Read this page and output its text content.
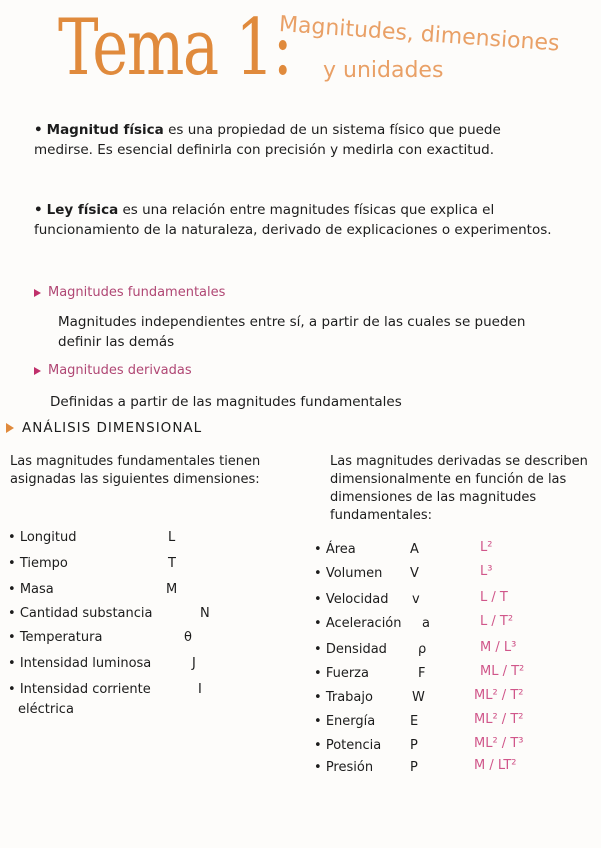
Tema 1:
Magnitudes, dimensiones
y unidades

• Magnitud física es una propiedad de un sistema físico que puede medirse. Es esencial definirla con precisión y medirla con exactitud.

• Ley física es una relación entre magnitudes físicas que explica el funcionamiento de la naturaleza, derivado de explicaciones o experimentos.

Magnitudes fundamentales
Magnitudes independientes entre sí, a partir de las cuales se pueden definir las demás
Magnitudes derivadas
Definidas a partir de las magnitudes fundamentales
ANÁLISIS DIMENSIONAL
Las magnitudes fundamentales tienen asignadas las siguientes dimensiones:
Las magnitudes derivadas se describen dimensionalmente en función de las dimensiones de las magnitudes fundamentales:
• Longitud	L
• Tiempo	T
• Masa	M
• Cantidad substancia	N
• Temperatura	θ
• Intensidad luminosa	J
• Intensidad corriente	I
eléctrica
• Área	A	L²
• Volumen V	L³
• Velocidad v	L / T
• Aceleración a	L / T²
• Densidad ρ	M / L³
• Fuerza	F	ML / T²
• Trabajo	W	ML² / T²
• Energía	E	ML² / T²
• Potencia P	ML² / T³
• Presión	P	M / LT²
